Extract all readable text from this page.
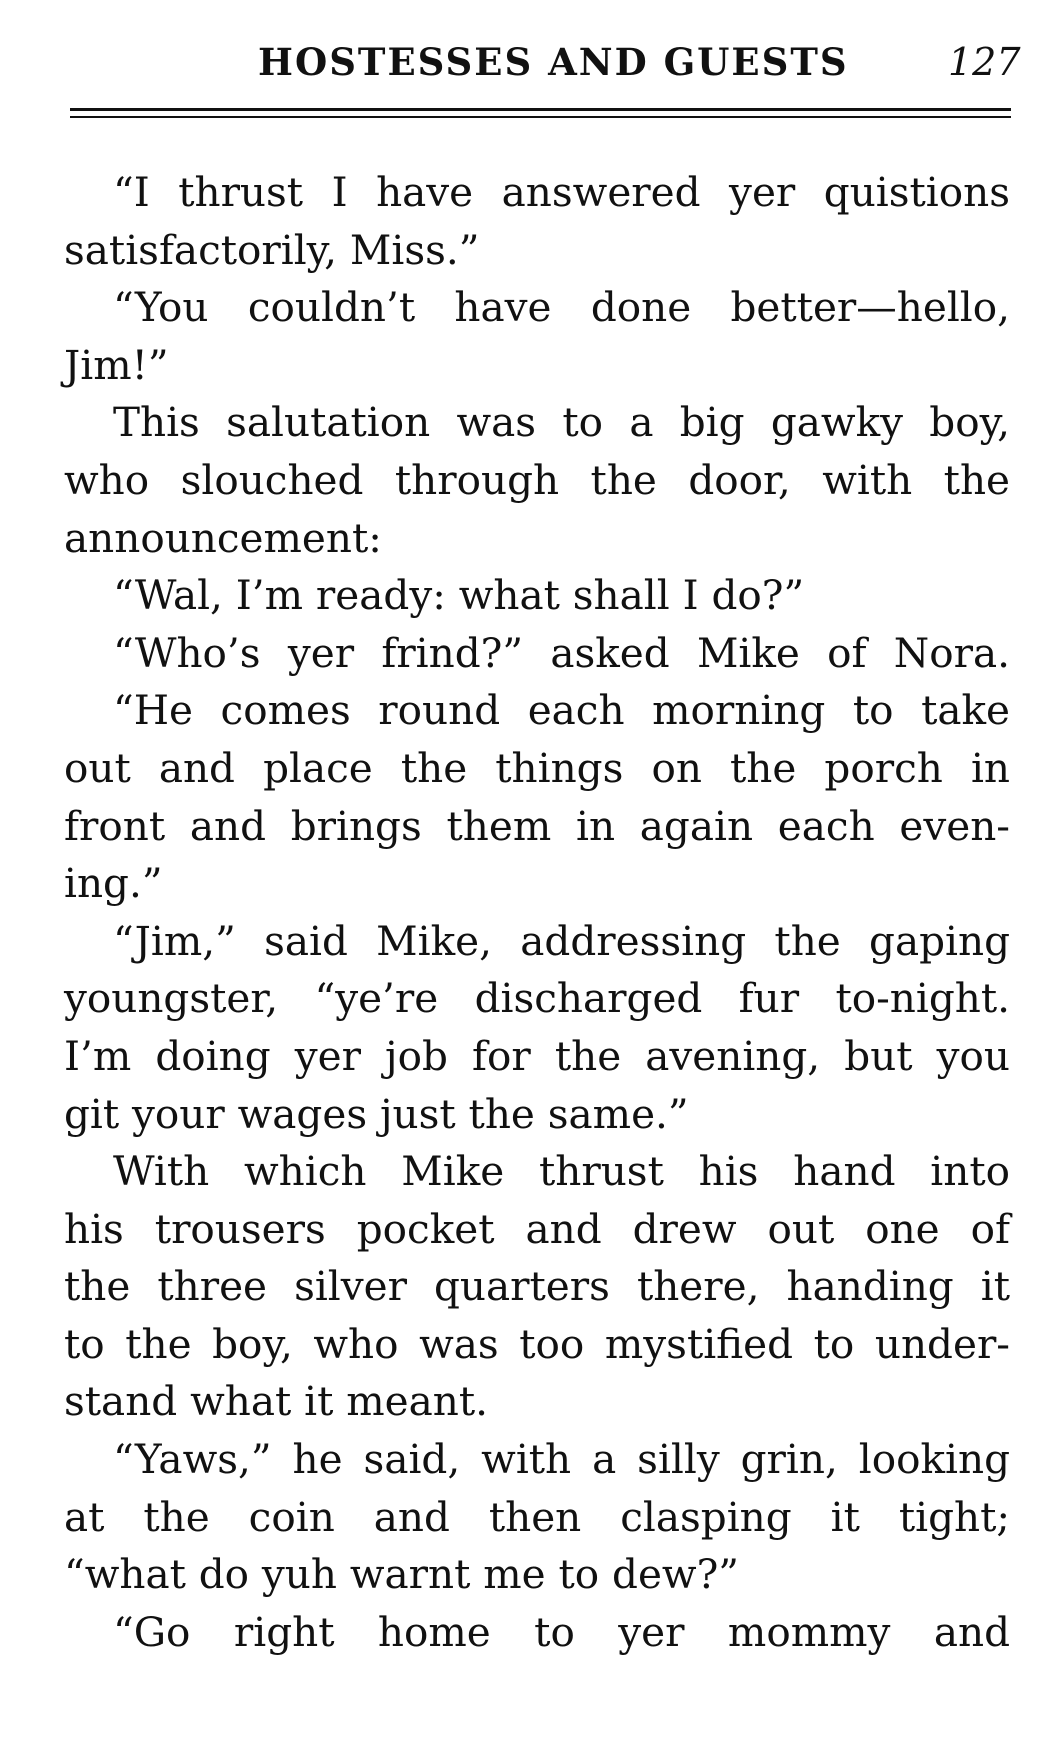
HOSTESSES AND GUESTS	127
“I thrust I have answered yer quistions
satisfactorily, Miss.”
“You couldn’t have done better—hello,
Jim!”
This salutation was to a big gawky boy,
who slouched through the door, with the
announcement:
“Wal, I’m ready: what shall I do?”
“Who’s yer frind?” asked Mike of Nora.
“He comes round each morning to take
out and place the things on the porch in
front and brings them in again each even-
ing.”
“Jim,” said Mike, addressing the gaping
youngster, “ye’re discharged fur to-night.
I’m doing yer job for the avening, but you
git your wages just the same.”
With which Mike thrust his hand into
his trousers pocket and drew out one of
the three silver quarters there, handing it
to the boy, who was too mystified to under-
stand what it meant.
“Yaws,” he said, with a silly grin, looking
at the coin and then clasping it tight;
“what do yuh warnt me to dew?”
“Go right home to yer mommy and
